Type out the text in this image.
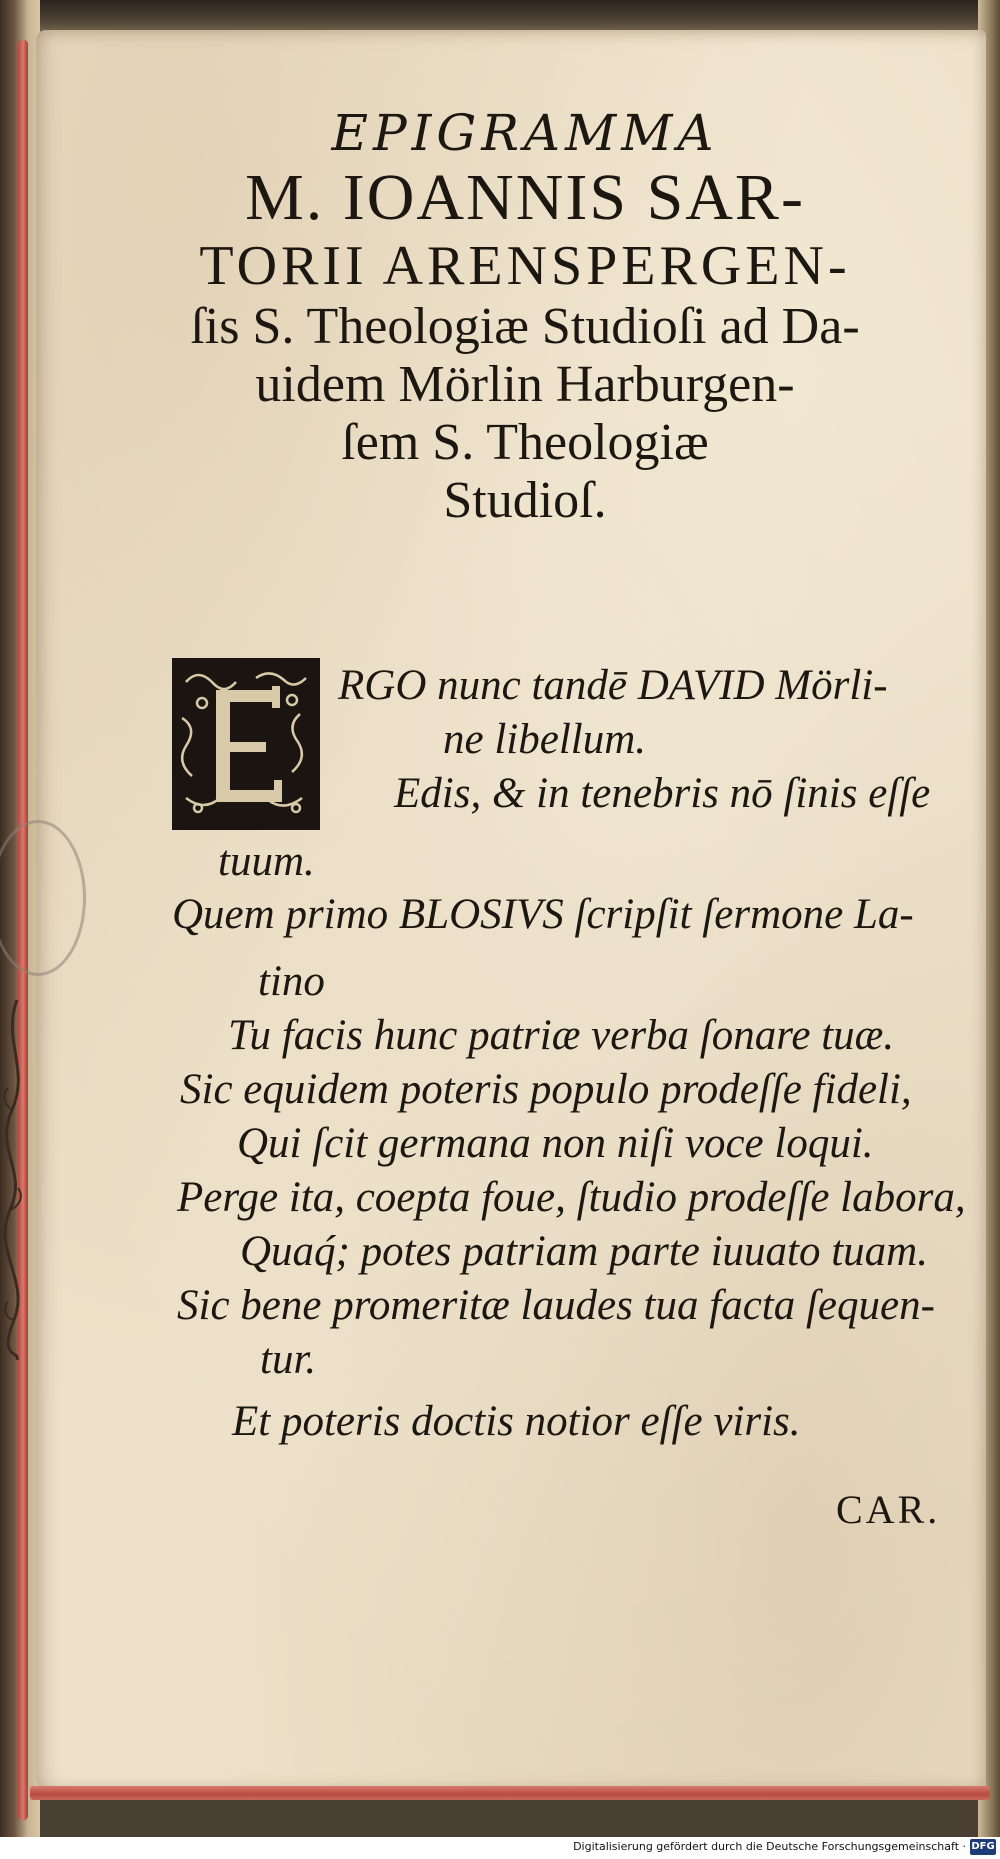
EPIGRAMMA
M. IOANNIS SAR-
TORII ARENSPERGEN-
ſis S. Theologiæ Studioſi ad Da-
uidem Mörlin Harburgen-
ſem S. Theologiæ
Studioſ.
RGO nunc tandē DAVID Mörli-
ne libellum.
Edis, & in tenebris nō ſinis eſſe
tuum.
Quem primo BLOSIVS ſcripſit ſermone La-
tino
Tu facis hunc patriæ verba ſonare tuæ.
Sic equidem poteris populo prodeſſe fideli,
Qui ſcit germana non niſi voce loqui.
Perge ita, coepta foue, ſtudio prodeſſe labora,
Quaq́; potes patriam parte iuuato tuam.
Sic bene promeritæ laudes tua facta ſequen-
tur.
Et poteris doctis notior eſſe viris.
CAR.
Digitalisierung gefördert durch die Deutsche Forschungsgemeinschaft · DFG
